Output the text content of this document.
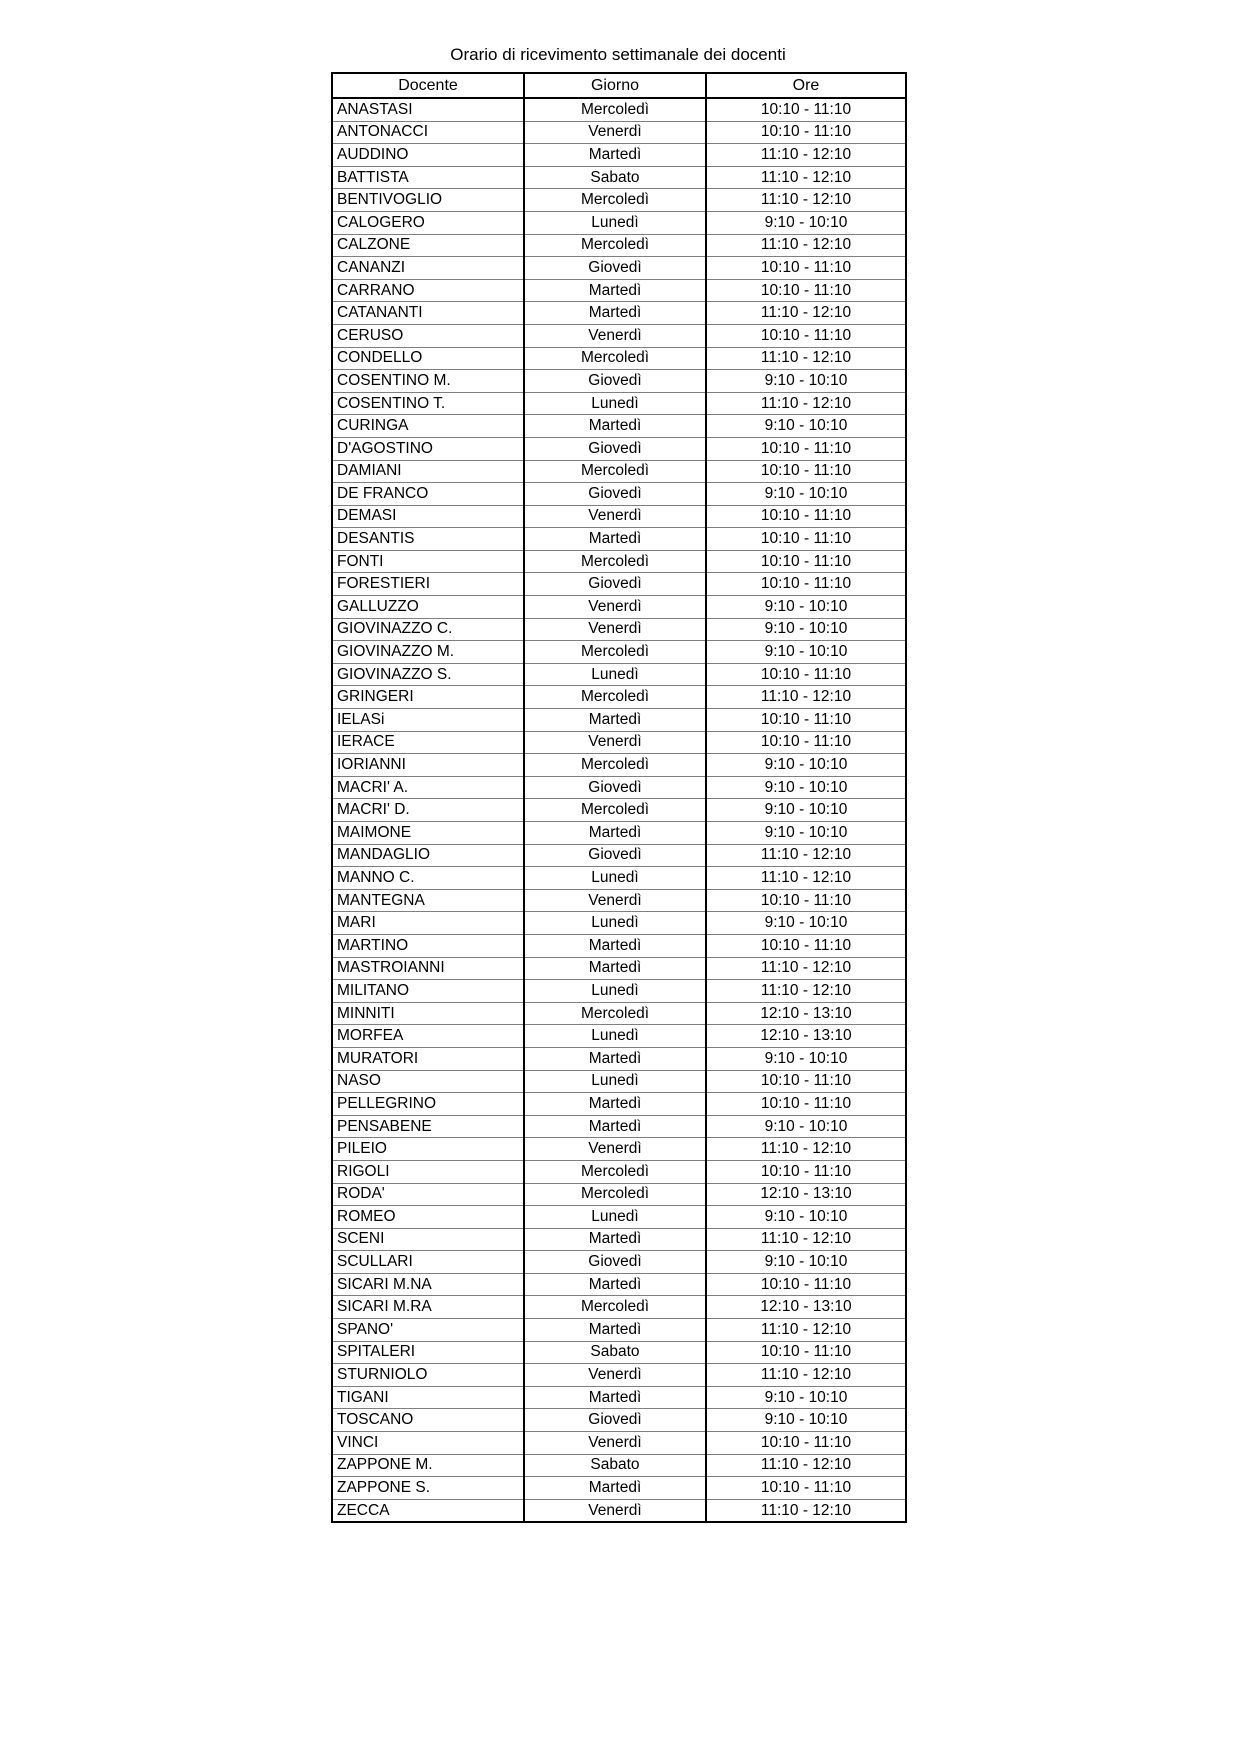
Orario di ricevimento settimanale dei docenti
Docente	Giorno	Ore
ANASTASI	Mercoledì	10:10 - 11:10
ANTONACCI	Venerdì	10:10 - 11:10
AUDDINO	Martedì	11:10 - 12:10
BATTISTA	Sabato	11:10 - 12:10
BENTIVOGLIO	Mercoledì	11:10 - 12:10
CALOGERO	Lunedì	9:10 - 10:10
CALZONE	Mercoledì	11:10 - 12:10
CANANZI	Giovedì	10:10 - 11:10
CARRANO	Martedì	10:10 - 11:10
CATANANTI	Martedì	11:10 - 12:10
CERUSO	Venerdì	10:10 - 11:10
CONDELLO	Mercoledì	11:10 - 12:10
COSENTINO M.	Giovedì	9:10 - 10:10
COSENTINO T.	Lunedì	11:10 - 12:10
CURINGA	Martedì	9:10 - 10:10
D'AGOSTINO	Giovedì	10:10 - 11:10
DAMIANI	Mercoledì	10:10 - 11:10
DE FRANCO	Giovedì	9:10 - 10:10
DEMASI	Venerdì	10:10 - 11:10
DESANTIS	Martedì	10:10 - 11:10
FONTI	Mercoledì	10:10 - 11:10
FORESTIERI	Giovedì	10:10 - 11:10
GALLUZZO	Venerdì	9:10 - 10:10
GIOVINAZZO C.	Venerdì	9:10 - 10:10
GIOVINAZZO M.	Mercoledì	9:10 - 10:10
GIOVINAZZO S.	Lunedì	10:10 - 11:10
GRINGERI	Mercoledì	11:10 - 12:10
IELASi	Martedì	10:10 - 11:10
IERACE	Venerdì	10:10 - 11:10
IORIANNI	Mercoledì	9:10 - 10:10
MACRI' A.	Giovedì	9:10 - 10:10
MACRI' D.	Mercoledì	9:10 - 10:10
MAIMONE	Martedì	9:10 - 10:10
MANDAGLIO	Giovedì	11:10 - 12:10
MANNO C.	Lunedì	11:10 - 12:10
MANTEGNA	Venerdì	10:10 - 11:10
MARI	Lunedì	9:10 - 10:10
MARTINO	Martedì	10:10 - 11:10
MASTROIANNI	Martedì	11:10 - 12:10
MILITANO	Lunedì	11:10 - 12:10
MINNITI	Mercoledì	12:10 - 13:10
MORFEA	Lunedì	12:10 - 13:10
MURATORI	Martedì	9:10 - 10:10
NASO	Lunedì	10:10 - 11:10
PELLEGRINO	Martedì	10:10 - 11:10
PENSABENE	Martedì	9:10 - 10:10
PILEIO	Venerdì	11:10 - 12:10
RIGOLI	Mercoledì	10:10 - 11:10
RODA'	Mercoledì	12:10 - 13:10
ROMEO	Lunedì	9:10 - 10:10
SCENI	Martedì	11:10 - 12:10
SCULLARI	Giovedì	9:10 - 10:10
SICARI M.NA	Martedì	10:10 - 11:10
SICARI M.RA	Mercoledì	12:10 - 13:10
SPANO'	Martedì	11:10 - 12:10
SPITALERI	Sabato	10:10 - 11:10
STURNIOLO	Venerdì	11:10 - 12:10
TIGANI	Martedì	9:10 - 10:10
TOSCANO	Giovedì	9:10 - 10:10
VINCI	Venerdì	10:10 - 11:10
ZAPPONE M.	Sabato	11:10 - 12:10
ZAPPONE S.	Martedì	10:10 - 11:10
ZECCA	Venerdì	11:10 - 12:10
